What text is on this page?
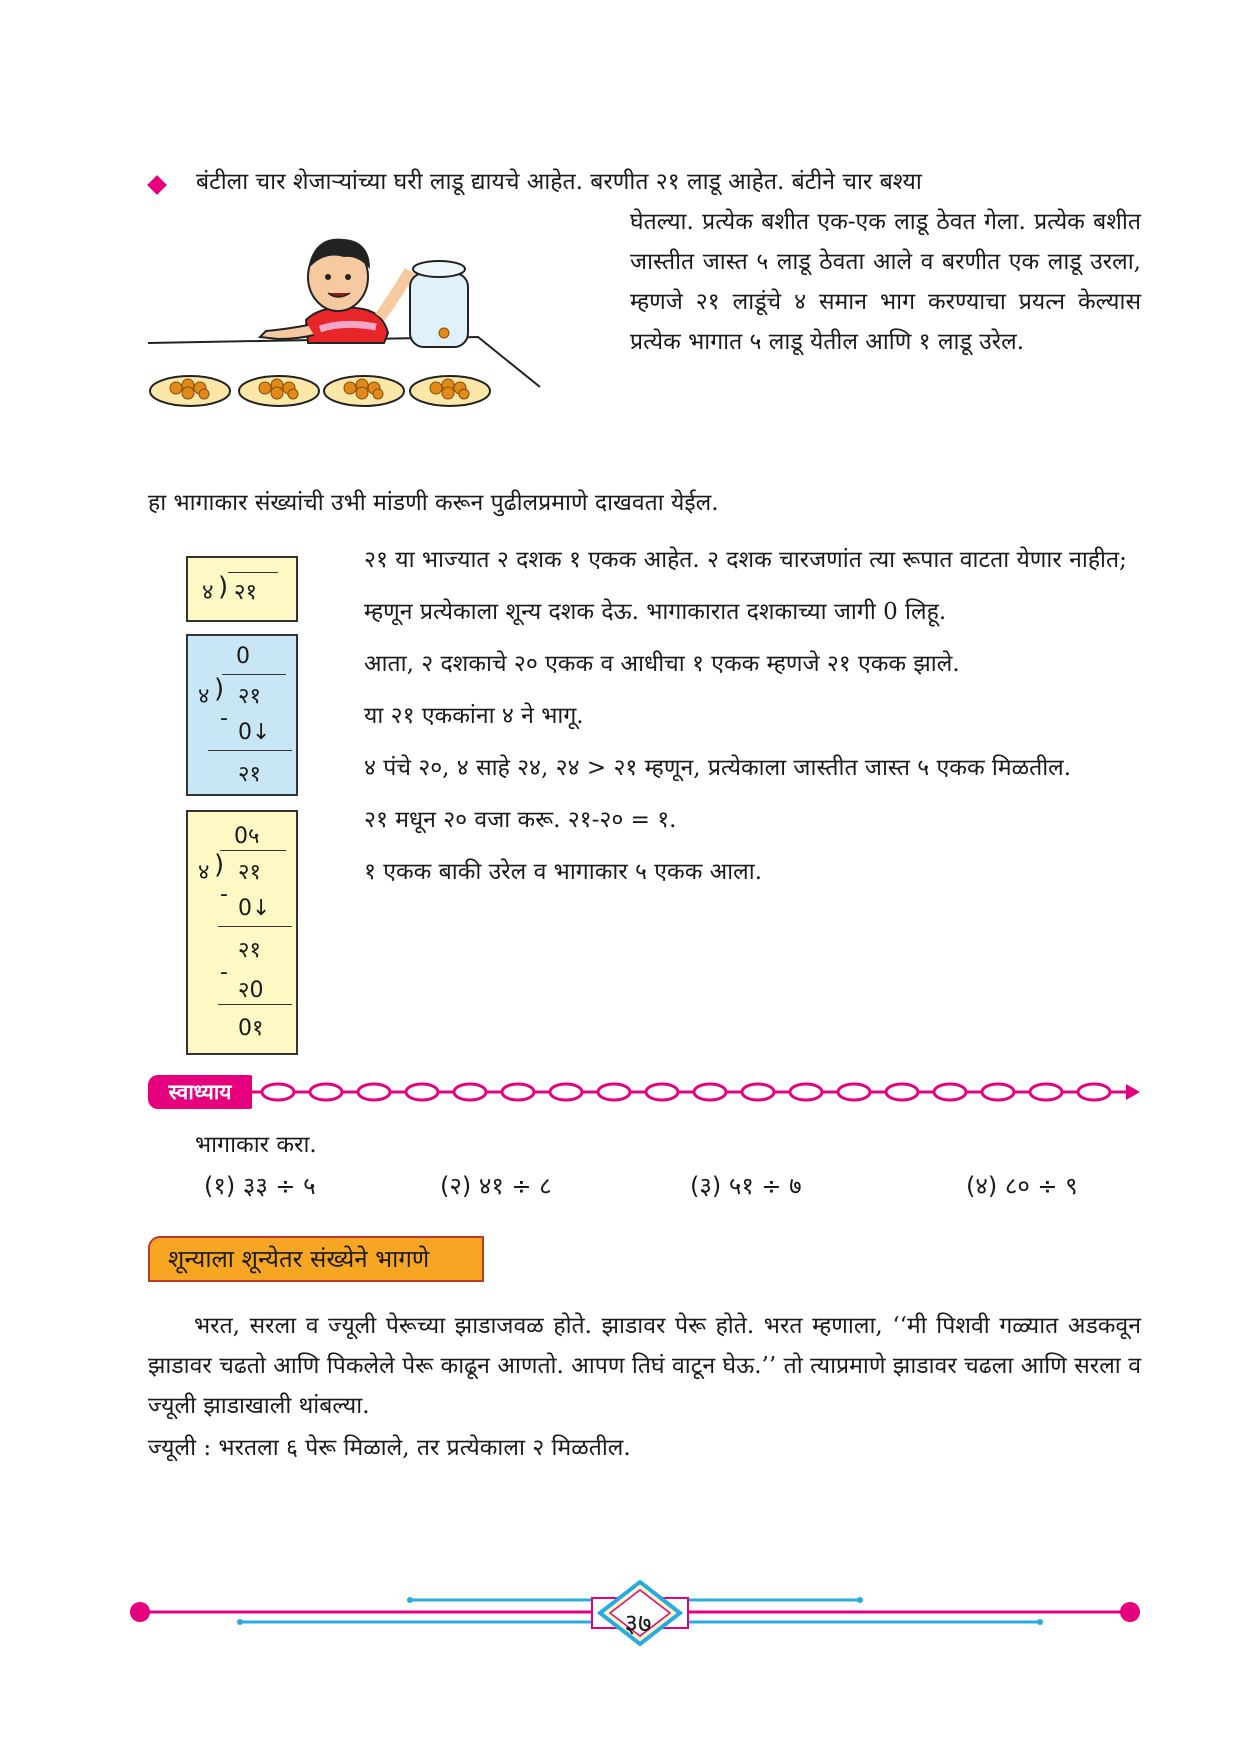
बंटीला चार शेजाऱ्यांच्या घरी लाडू द्यायचे आहेत. बरणीत २१ लाडू आहेत. बंटीने चार बश्या

घेतल्या. प्रत्येक बशीत एक-एक लाडू ठेवत गेला. प्रत्येक बशीत जास्तीत जास्त ५ लाडू ठेवता आले व बरणीत एक लाडू उरला, म्हणजे २१ लाडूंचे ४ समान भाग करण्याचा प्रयत्न केल्यास प्रत्येक भागात ५ लाडू येतील आणि १ लाडू उरेल.

हा भागाकार संख्यांची उभी मांडणी करून पुढीलप्रमाणे दाखवता येईल.

४ ) २१
0
४ ) २१
-
0↓
२१
0५
४ ) २१
-
0↓
२१
-
२0
0१

२१ या भाज्यात २ दशक १ एकक आहेत. २ दशक चारजणांत त्या रूपात वाटता येणार नाहीत;

म्हणून प्रत्येकाला शून्य दशक देऊ. भागाकारात दशकाच्या जागी 0 लिहू.

आता, २ दशकाचे २० एकक व आधीचा १ एकक म्हणजे २१ एकक झाले.

या २१ एककांना ४ ने भागू.

४ पंचे २०, ४ साहे २४, २४ > २१ म्हणून, प्रत्येकाला जास्तीत जास्त ५ एकक मिळतील.

२१ मधून २० वजा करू. २१-२० = १.

१ एकक बाकी उरेल व भागाकार ५ एकक आला.

स्वाध्याय

भागाकार करा.

(१) ३३ ÷ ५	(२) ४१ ÷ ८	(३) ५१ ÷ ७	(४) ८० ÷ ९
शून्याला शून्येतर संख्येने भागणे

भरत, सरला व ज्यूली पेरूच्या झाडाजवळ होते. झाडावर पेरू होते. भरत म्हणाला, ‘‘मी पिशवी गळ्यात अडकवून झाडावर चढतो आणि पिकलेले पेरू काढून आणतो. आपण तिघं वाटून घेऊ.’’ तो त्याप्रमाणे झाडावर चढला आणि सरला व ज्यूली झाडाखाली थांबल्या.

ज्यूली : भरतला ६ पेरू मिळाले, तर प्रत्येकाला २ मिळतील.

३७
